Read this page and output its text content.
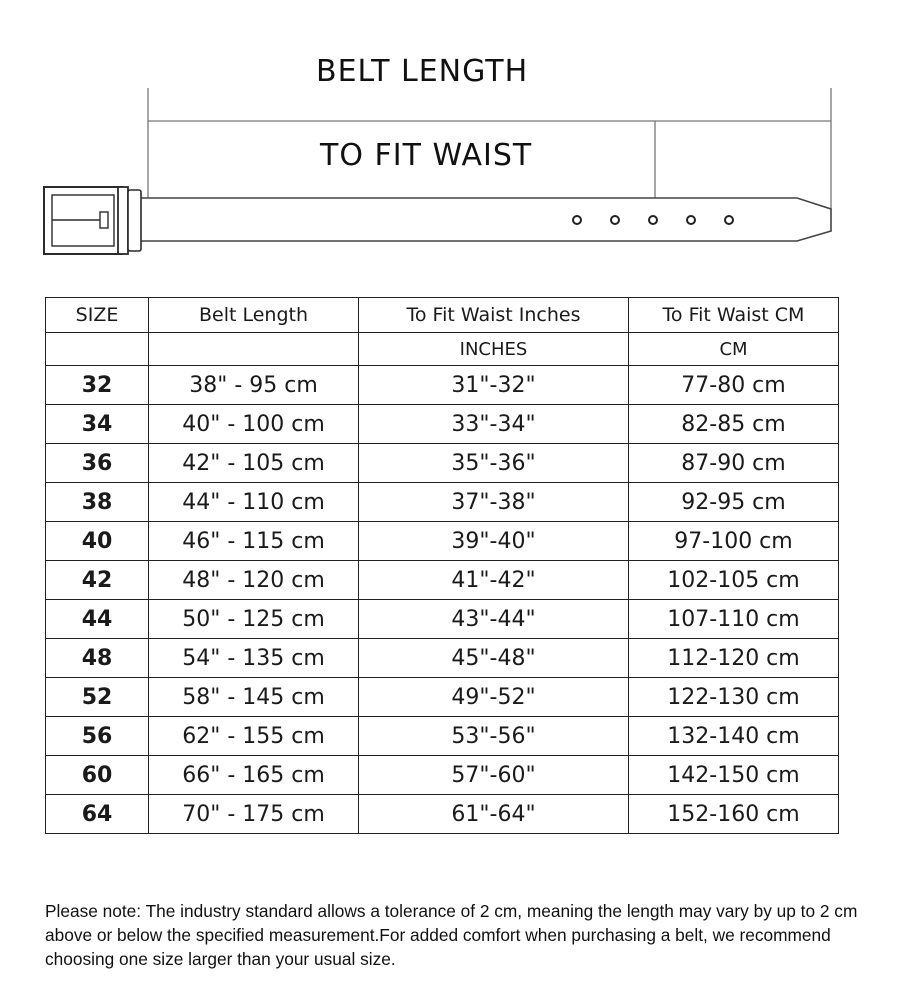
BELT LENGTH
TO FIT WAIST
SIZE	Belt Length	To Fit Waist Inches	To Fit Waist CM
		INCHES	CM
32	38" - 95 cm	31"-32"	77-80 cm
34	40" - 100 cm	33"-34"	82-85 cm
36	42" - 105 cm	35"-36"	87-90 cm
38	44" - 110 cm	37"-38"	92-95 cm
40	46" - 115 cm	39"-40"	97-100 cm
42	48" - 120 cm	41"-42"	102-105 cm
44	50" - 125 cm	43"-44"	107-110 cm
48	54" - 135 cm	45"-48"	112-120 cm
52	58" - 145 cm	49"-52"	122-130 cm
56	62" - 155 cm	53"-56"	132-140 cm
60	66" - 165 cm	57"-60"	142-150 cm
64	70" - 175 cm	61"-64"	152-160 cm

Please note: The industry standard allows a tolerance of 2 cm, meaning the length may vary by up to 2 cm above or below the specified measurement.For added comfort when purchasing a belt, we recommend choosing one size larger than your usual size.
